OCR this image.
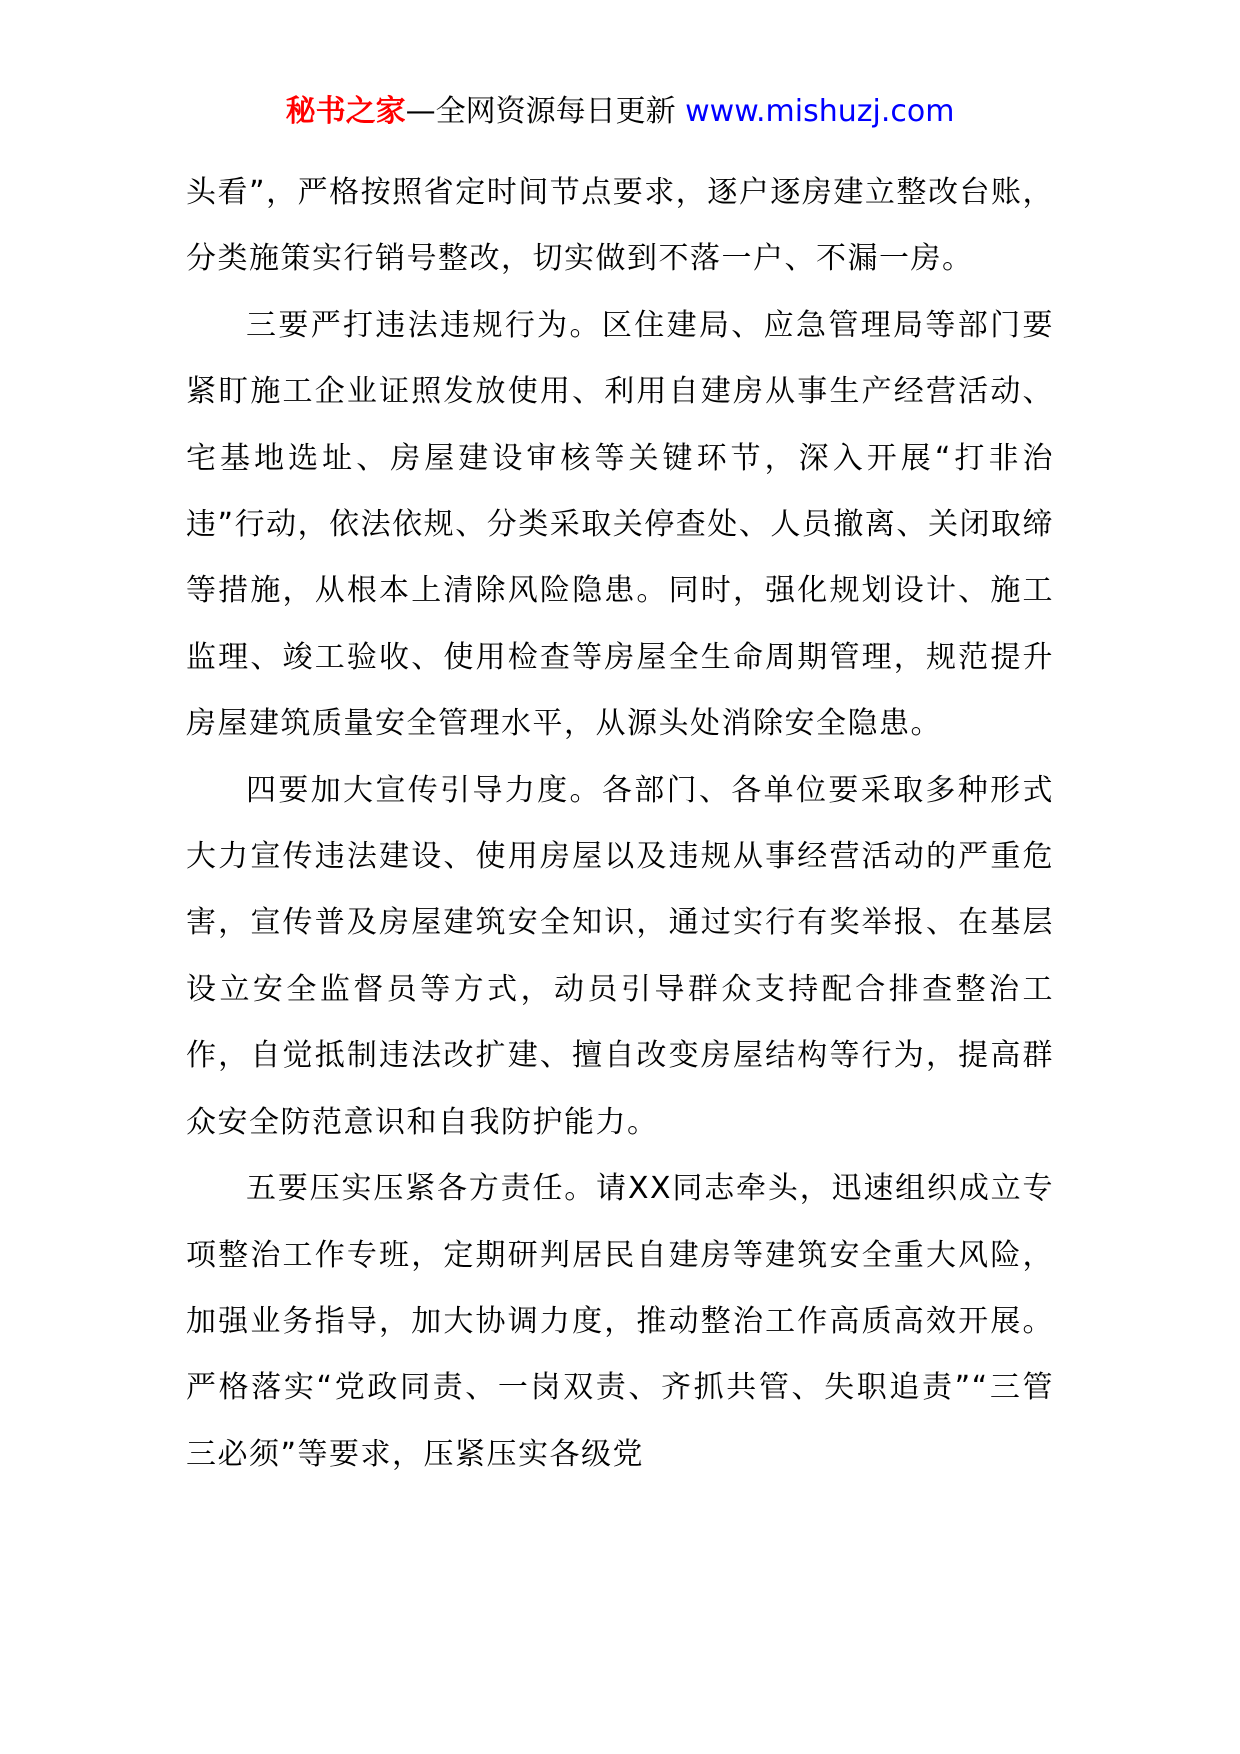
秘书之家—全网资源每日更新 www.mishuzj.com

头看”，严格按照省定时间节点要求，逐户逐房建立整改台账，分类施策实行销号整改，切实做到不落一户、不漏一房。

三要严打违法违规行为。区住建局、应急管理局等部门要紧盯施工企业证照发放使用、利用自建房从事生产经营活动、宅基地选址、房屋建设审核等关键环节，深入开展“打非治违”行动，依法依规、分类采取关停查处、人员撤离、关闭取缔等措施，从根本上清除风险隐患。同时，强化规划设计、施工监理、竣工验收、使用检查等房屋全生命周期管理，规范提升房屋建筑质量安全管理水平，从源头处消除安全隐患。

四要加大宣传引导力度。各部门、各单位要采取多种形式大力宣传违法建设、使用房屋以及违规从事经营活动的严重危害，宣传普及房屋建筑安全知识，通过实行有奖举报、在基层设立安全监督员等方式，动员引导群众支持配合排查整治工作，自觉抵制违法改扩建、擅自改变房屋结构等行为，提高群众安全防范意识和自我防护能力。

五要压实压紧各方责任。请XX同志牵头，迅速组织成立专项整治工作专班，定期研判居民自建房等建筑安全重大风险，加强业务指导，加大协调力度，推动整治工作高质高效开展。严格落实“党政同责、一岗双责、齐抓共管、失职追责”“三管三必须”等要求，压紧压实各级党
